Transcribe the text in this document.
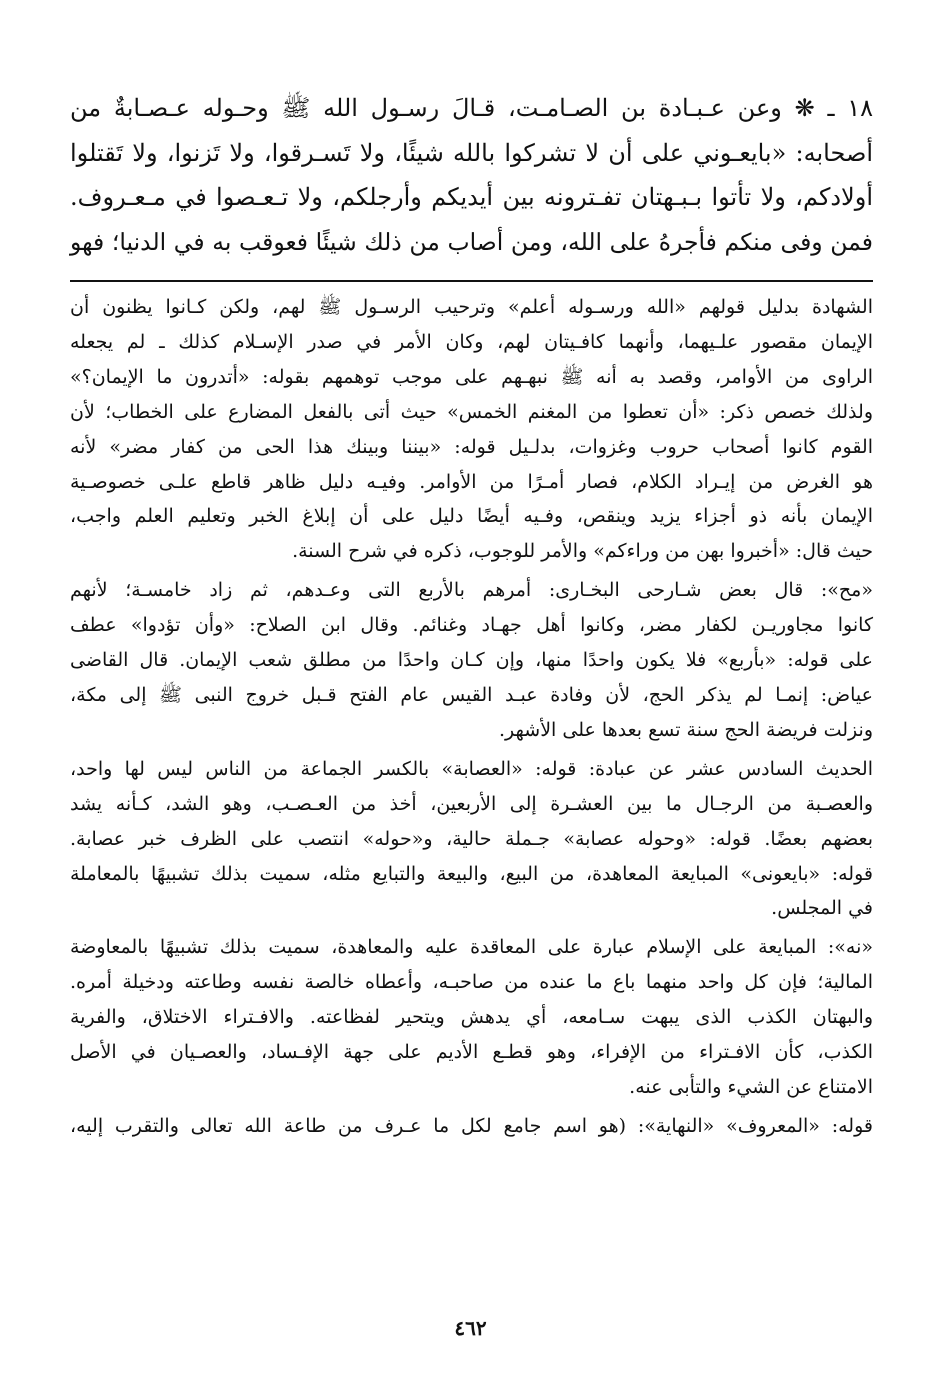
١٨ ـ ❋ وعن عـبـادة بن الصـامـت، قـالَ رسـول الله ﷺ وحـوله عـصـابةٌ من

أصحابه: «بايعـوني على أن لا تشركوا بالله شيئًا، ولا تَسـرقوا، ولا تَزنوا، ولا تَقتلوا

أولادكم، ولا تأتوا بـبـهتان تفـترونه بين أيديكم وأرجلكم، ولا تـعـصوا في مـعـروف.

فمن وفى منكم فأجرهُ على الله، ومن أصاب من ذلك شيئًا فعوقب به في الدنيا؛ فهو

الشهادة بدليل قولهم «الله ورسـوله أعلم» وترحيب الرسـول ﷺ لهم، ولكن كـانوا يظنون أن

الإيمان مقصور علـيهما، وأنهما كافـيتان لهم، وكان الأمر في صدر الإسـلام كذلك ـ لم يجعله

الراوى من الأوامر، وقصد به أنه ﷺ نبهـهم على موجب توهمهم بقوله: «أتدرون ما الإيمان؟»

ولذلك خصص ذكر: «أن تعطوا من المغنم الخمس» حيث أتى بالفعل المضارع على الخطاب؛ لأن

القوم كانوا أصحاب حروب وغزوات، بدلـيل قوله: «بيننا وبينك هذا الحى من كفار مضر» لأنه

هو الغرض من إيـراد الكلام، فصار أمـرًا من الأوامر. وفيـه دليل ظاهر قاطع علـى خصوصـية

الإيمان بأنه ذو أجزاء يزيد وينقص، وفـيه أيضًا دليل على أن إبلاغ الخبر وتعليم العلم واجب،

حيث قال: «أخبروا بهن من وراءكم» والأمر للوجوب، ذكره في شرح السنة.

«مح»: قال بعض شـارحى البخـارى: أمرهم بالأربع التى وعـدهم، ثم زاد خامسـة؛ لأنهم

كانوا مجاوريـن لكفار مضر، وكانوا أهل جهـاد وغنائم. وقال ابن الصلاح: «وأن تؤدوا» عطف

على قوله: «بأربع» فلا يكون واحدًا منها، وإن كـان واحدًا من مطلق شعب الإيمان. قال القاضى

عياض: إنمـا لم يذكر الحج، لأن وفادة عبـد القيس عام الفتح قـبل خروج النبى ﷺ إلى مكة،

ونزلت فريضة الحج سنة تسع بعدها على الأشهر.

الحديث السادس عشر عن عبادة: قوله: «العصابة» بالكسر الجماعة من الناس ليس لها واحد،

والعصـبة من الرجـال ما بين العشـرة إلى الأربعين، أخذ من العـصـب، وهو الشد، كـأنه يشد

بعضهم بعضًا. قوله: «وحوله عصابة» جـملة حالية، و«حوله» انتصب على الظرف خبر عصابة.

قوله: «بايعونى» المبايعة المعاهدة، من البيع، والبيعة والتبايع مثله، سميت بذلك تشبيهًا بالمعاملة

في المجلس.

«نه»: المبايعة على الإسلام عبارة على المعاقدة عليه والمعاهدة، سميت بذلك تشبيهًا بالمعاوضة

المالية؛ فإن كل واحد منهما باع ما عنده من صاحبـه، وأعطاه خالصة نفسه وطاعته ودخيلة أمره.

والبهتان الكذب الذى يبهت سـامعه، أي يدهش ويتحير لفظاعته. والافـتراء الاختلاق، والفرية

الكذب، كأن الافـتراء من الإفراء، وهو قطـع الأديم على جهة الإفـساد، والعصـيان في الأصل

الامتناع عن الشيء والتأبى عنه.

قوله: «المعروف» «النهاية»: (هو اسم جامع لكل ما عـرف من طاعة الله تعالى والتقرب إليه،

٤٦٢
